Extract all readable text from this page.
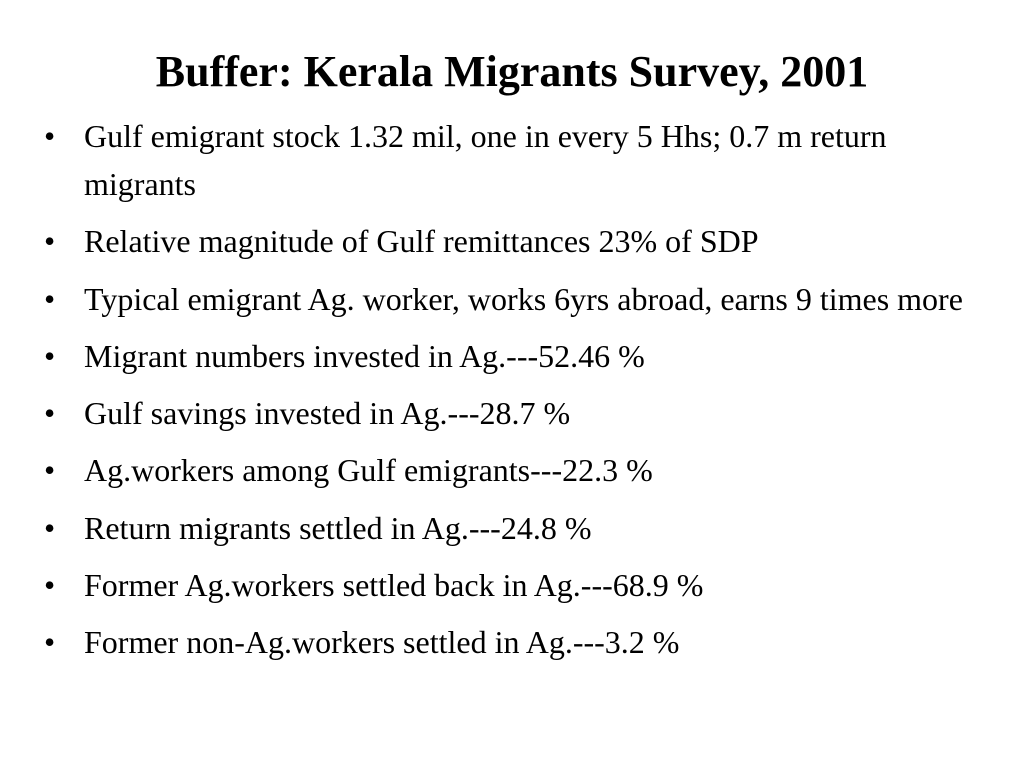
Buffer: Kerala Migrants Survey, 2001
• Gulf emigrant stock 1.32 mil, one in every 5 Hhs; 0.7 m return migrants
• Relative magnitude of Gulf remittances 23% of SDP
• Typical emigrant Ag. worker, works 6yrs abroad, earns 9 times more
• Migrant numbers invested in Ag.---52.46 %
• Gulf savings invested in Ag.---28.7 %
• Ag.workers among Gulf emigrants---22.3 %
• Return migrants settled in Ag.---24.8 %
• Former Ag.workers settled back in Ag.---68.9 %
• Former non-Ag.workers settled in Ag.---3.2 %
